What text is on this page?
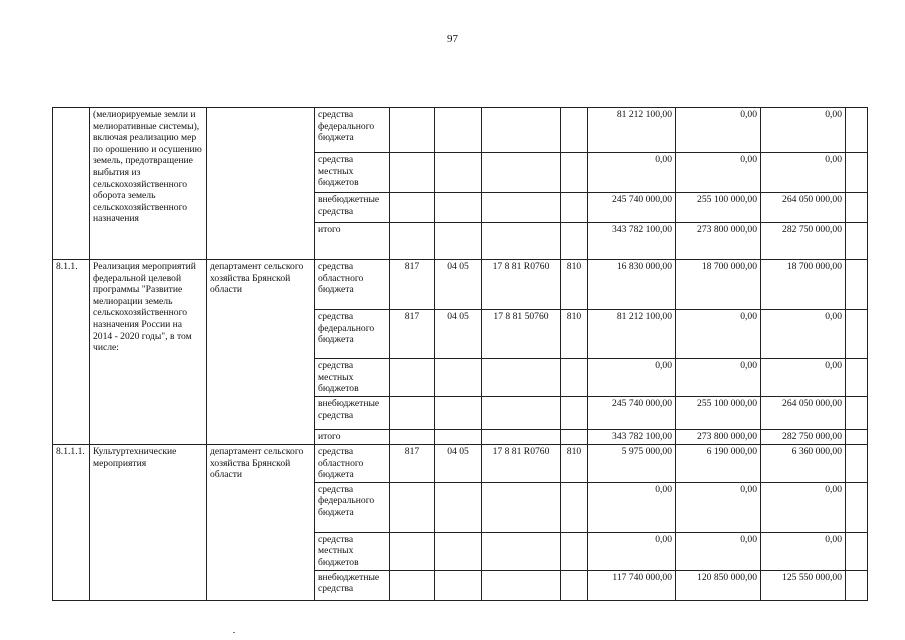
97
	(мелиорируемые земли и мелиоративные системы), включая реализацию мер по орошению и осушению земель, предотвращение выбытия из сельскохозяйственного оборота земель сельскохозяйственного назначения		средства федерального бюджета					81 212 100,00	0,00	0,00	
			средства местных бюджетов					0,00	0,00	0,00	
			внебюджетные средства					245 740 000,00	255 100 000,00	264 050 000,00	
			итого					343 782 100,00	273 800 000,00	282 750 000,00	
8.1.1.	Реализация мероприятий федеральной целевой программы "Развитие мелиорации земель сельскохозяйственного назначения России на 2014 - 2020 годы", в том числе:	департамент сельского хозяйства Брянской области	средства областного бюджета	817	04 05	17 8 81 R0760	810	16 830 000,00	18 700 000,00	18 700 000,00	
			средства федерального бюджета	817	04 05	17 8 81 50760	810	81 212 100,00	0,00	0,00	
			средства местных бюджетов					0,00	0,00	0,00	
			внебюджетные средства					245 740 000,00	255 100 000,00	264 050 000,00	
			итого					343 782 100,00	273 800 000,00	282 750 000,00	
8.1.1.1.	Культуртехнические мероприятия	департамент сельского хозяйства Брянской области	средства областного бюджета	817	04 05	17 8 81 R0760	810	5 975 000,00	6 190 000,00	6 360 000,00	
			средства федерального бюджета					0,00	0,00	0,00	
			средства местных бюджетов					0,00	0,00	0,00	
			внебюджетные средства					117 740 000,00	120 850 000,00	125 550 000,00	
